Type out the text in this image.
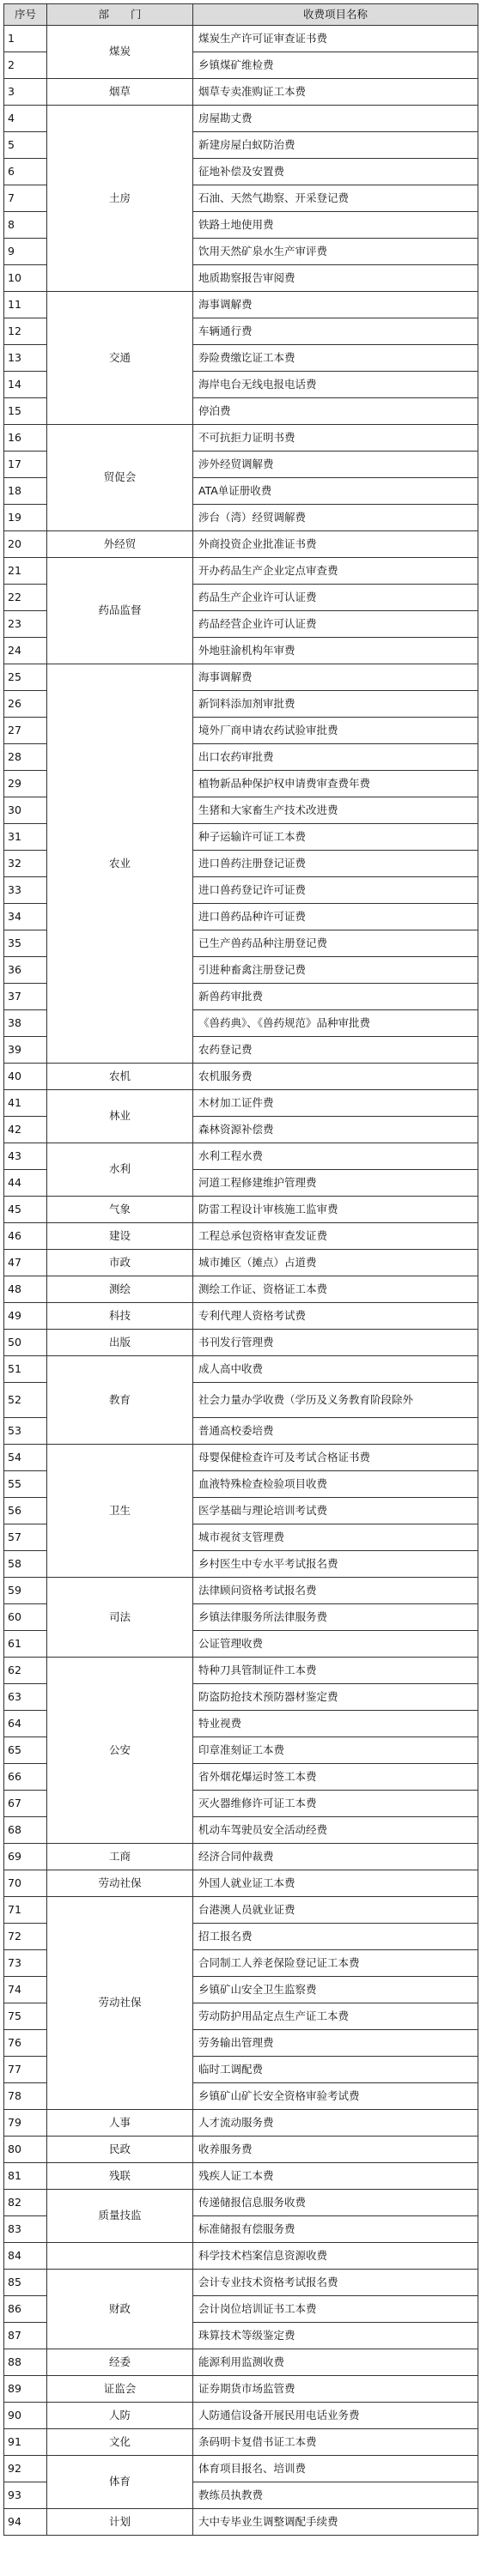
序号	部　　门	收费项目名称
1	煤炭	煤炭生产许可证审查证书费
2		乡镇煤矿维检费
3	烟草	烟草专卖准购证工本费
4	土房	房屋勘丈费
5		新建房屋白蚁防治费
6		征地补偿及安置费
7		石油、天然气勘察、开采登记费
8		铁路土地使用费
9		饮用天然矿泉水生产审评费
10		地质勘察报告审阅费
11	交通	海事调解费
12		车辆通行费
13		券险费缴讫证工本费
14		海岸电台无线电报电话费
15		停泊费
16	贸促会	不可抗拒力证明书费
17		涉外经贸调解费
18		ATA单证册收费
19		涉台（湾）经贸调解费
20	外经贸	外商投资企业批准证书费
21	药品监督	开办药品生产企业定点审查费
22		药品生产企业许可认证费
23		药品经营企业许可认证费
24		外地驻渝机构年审费
25	农业	海事调解费
26		新饲料添加剂审批费
27		境外厂商申请农药试验审批费
28		出口农药审批费
29		植物新品种保护权申请费审查费年费
30		生猪和大家畜生产技术改进费
31		种子运输许可证工本费
32		进口兽药注册登记证费
33		进口兽药登记许可证费
34		进口兽药品种许可证费
35		已生产兽药品种注册登记费
36		引进种畜禽注册登记费
37		新兽药审批费
38		《兽药典》、《兽药规范》品种审批费
39		农药登记费
40	农机	农机服务费
41	林业	木材加工证件费
42		森林资源补偿费
43	水利	水利工程水费
44		河道工程修建维护管理费
45	气象	防雷工程设计审核施工监审费
46	建设	工程总承包资格审查发证费
47	市政	城市摊区（摊点）占道费
48	测绘	测绘工作证、资格证工本费
49	科技	专利代理人资格考试费
50	出版	书刊发行管理费
51	教育	成人高中收费
52		社会力量办学收费（学历及义务教育阶段除外
53		普通高校委培费
54	卫生	母婴保健检查许可及考试合格证书费
55		血液特殊检查检验项目收费
56		医学基础与理论培训考试费
57		城市视贫支管理费
58		乡村医生中专水平考试报名费
59	司法	法律顾问资格考试报名费
60		乡镇法律服务所法律服务费
61		公证管理收费
62	公安	特种刀具管制证件工本费
63		防盗防抢技术预防器材鉴定费
64		特业视费
65		印章准刻证工本费
66		省外烟花爆运时签工本费
67		灭火器维修许可证工本费
68		机动车驾驶员安全活动经费
69	工商	经济合同仲裁费
70	劳动社保	外国人就业证工本费
71	劳动社保	台港澳人员就业证费
72		招工报名费
73		合同制工人养老保险登记证工本费
74		乡镇矿山安全卫生监察费
75		劳动防护用品定点生产证工本费
76		劳务输出管理费
77		临时工调配费
78		乡镇矿山矿长安全资格审验考试费
79	人事	人才流动服务费
80	民政	收养服务费
81	残联	残疾人证工本费
82	质量技监	传递储报信息服务收费
83		标准储报有偿服务费
84		科学技术档案信息资源收费
85	财政	会计专业技术资格考试报名费
86		会计岗位培训证书工本费
87		珠算技术等级鉴定费
88	经委	能源利用监测收费
89	证监会	证券期货市场监管费
90	人防	人防通信设备开展民用电话业务费
91	文化	条码明卡复借书证工本费
92	体育	体育项目报名、培训费
93		教练员执教费
94	计划	大中专毕业生调整调配手续费
